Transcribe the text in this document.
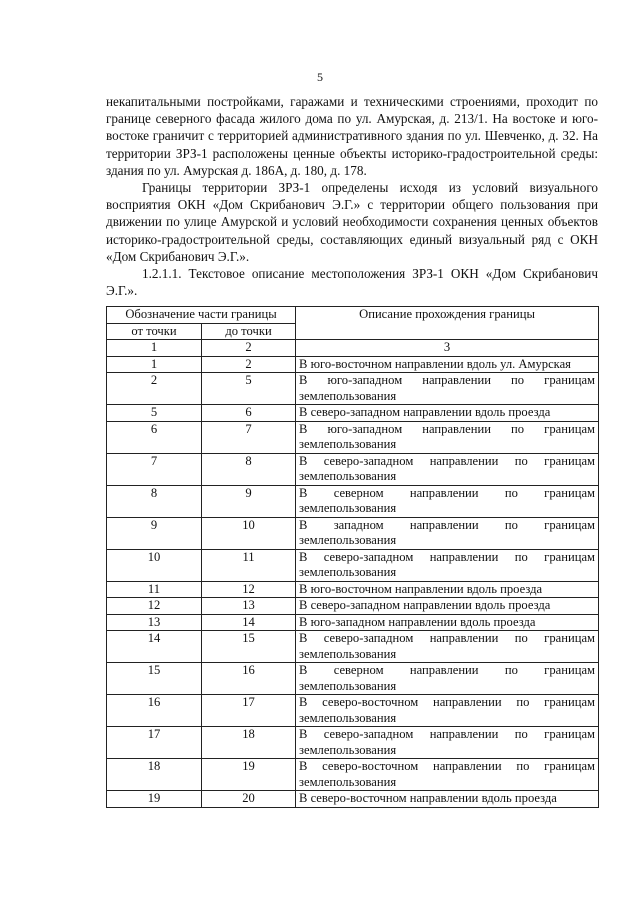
5

некапитальными постройками, гаражами и техническими строениями, проходит по границе северного фасада жилого дома по ул. Амурская, д. 213/1. На востоке и юго-востоке граничит с территорией административного здания по ул. Шевченко, д. 32. На территории ЗРЗ-1 расположены ценные объекты историко-градостроительной среды: здания по ул. Амурская д. 186А, д. 180, д. 178.

Границы территории ЗРЗ-1 определены исходя из условий визуального восприятия ОКН «Дом Скрибанович Э.Г.» с территории общего пользования при движении по улице Амурской и условий необходимости сохранения ценных объектов историко-градостроительной среды, составляющих единый визуальный ряд с ОКН «Дом Скрибанович Э.Г.».

1.2.1.1. Текстовое описание местоположения ЗРЗ-1 ОКН «Дом Скрибанович Э.Г.».

Обозначение части границы		Описание прохождения границы
от точки	до точки	
1	2	3
1	2	В юго-восточном направлении вдоль ул. Амурская
2	5	В юго-западном направлении по границам землепользования
5	6	В северо-западном направлении вдоль проезда
6	7	В юго-западном направлении по границам землепользования
7	8	В северо-западном направлении по границам землепользования
8	9	В северном направлении по границам землепользования
9	10	В западном направлении по границам землепользования
10	11	В северо-западном направлении по границам землепользования
11	12	В юго-восточном направлении вдоль проезда
12	13	В северо-западном направлении вдоль проезда
13	14	В юго-западном направлении вдоль проезда
14	15	В северо-западном направлении по границам землепользования
15	16	В северном направлении по границам землепользования
16	17	В северо-восточном направлении по границам землепользования
17	18	В северо-западном направлении по границам землепользования
18	19	В северо-восточном направлении по границам землепользования
19	20	В северо-восточном направлении вдоль проезда
